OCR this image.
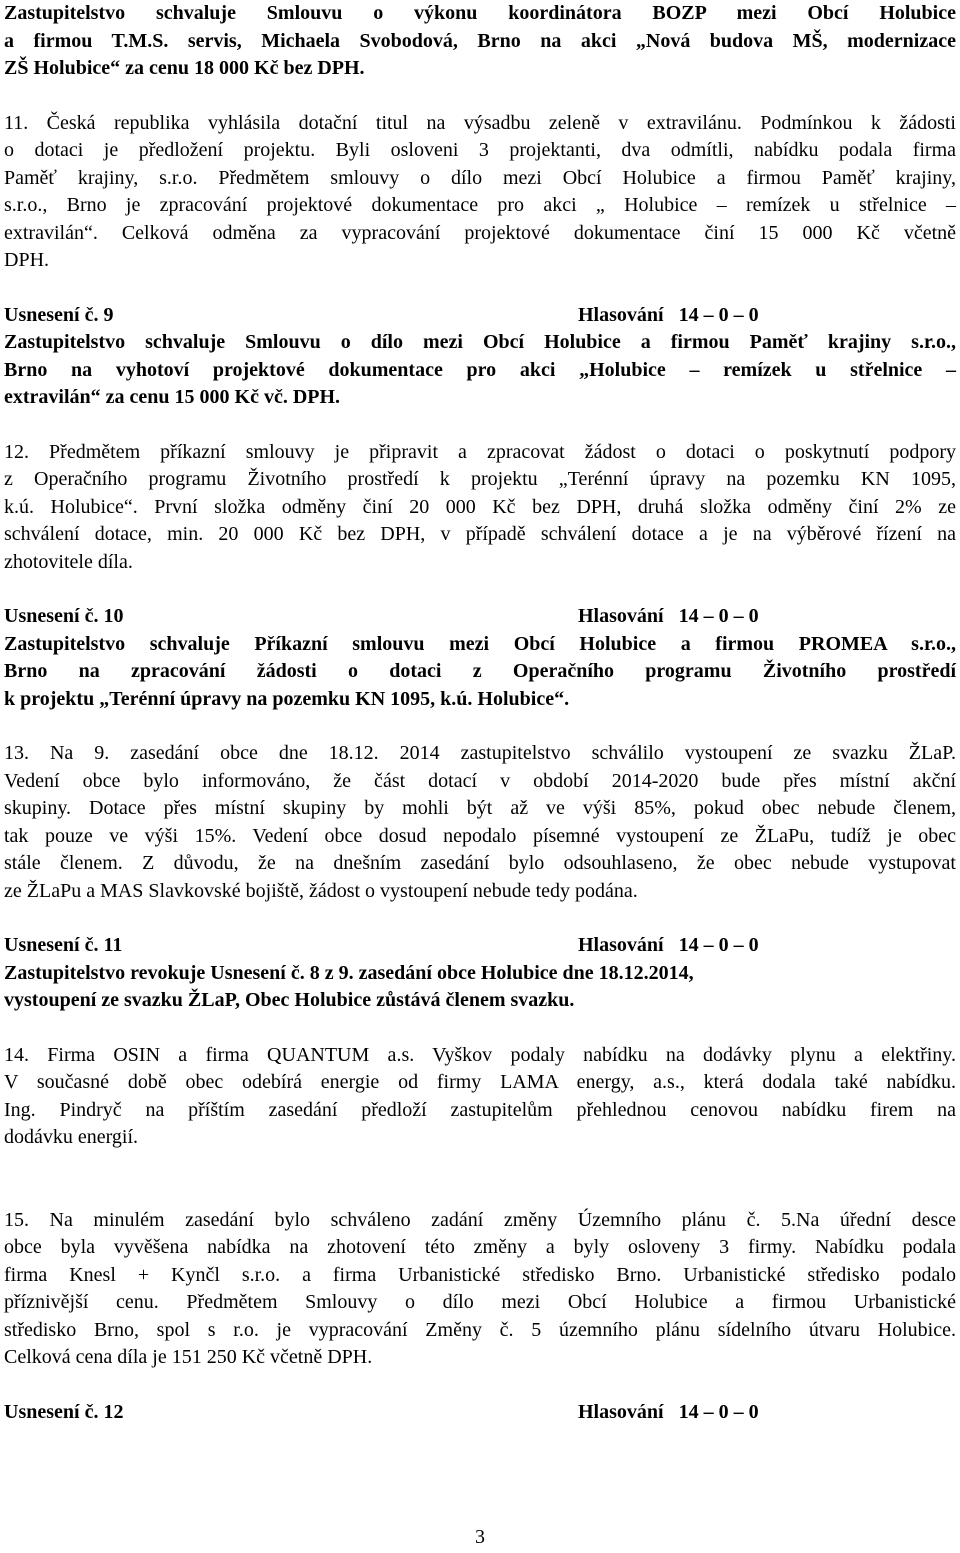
Zastupitelstvo schvaluje Smlouvu o výkonu koordinátora BOZP mezi Obcí Holubice

a firmou T.M.S. servis, Michaela Svobodová, Brno na akci „Nová budova MŠ, modernizace

ZŠ Holubice“ za cenu 18 000 Kč bez DPH.

11. Česká republika vyhlásila dotační titul na výsadbu zeleně v extravilánu. Podmínkou k žádosti

o dotaci je předložení projektu. Byli osloveni 3 projektanti, dva odmítli, nabídku podala firma

Paměť krajiny, s.r.o. Předmětem smlouvy o dílo mezi Obcí Holubice a firmou Paměť krajiny,

s.r.o., Brno je zpracování projektové dokumentace pro akci „ Holubice – remízek u střelnice –

extravilán“. Celková odměna za vypracování projektové dokumentace činí 15 000 Kč včetně

DPH.

Usnesení č. 9	Hlasování   14 – 0 – 0

Zastupitelstvo schvaluje Smlouvu o dílo mezi Obcí Holubice a firmou Paměť krajiny s.r.o.,

Brno na vyhotoví projektové dokumentace pro akci „Holubice – remízek u střelnice –

extravilán“ za cenu 15 000 Kč vč. DPH.

12. Předmětem příkazní smlouvy je připravit a zpracovat žádost o dotaci o poskytnutí podpory

z Operačního programu Životního prostředí k projektu „Terénní úpravy na pozemku KN 1095,

k.ú. Holubice“. První složka odměny činí 20 000 Kč bez DPH, druhá složka odměny činí 2% ze

schválení dotace, min. 20 000 Kč bez DPH, v případě schválení dotace a je na výběrové řízení na

zhotovitele díla.

Usnesení č. 10	Hlasování   14 – 0 – 0

Zastupitelstvo schvaluje Příkazní smlouvu mezi Obcí Holubice a firmou PROMEA s.r.o.,

Brno na zpracování žádosti o dotaci z Operačního programu Životního prostředí

k projektu „Terénní úpravy na pozemku KN 1095, k.ú. Holubice“.

13. Na 9. zasedání obce dne 18.12. 2014 zastupitelstvo schválilo vystoupení ze svazku ŽLaP.

Vedení obce bylo informováno, že část dotací v období 2014-2020 bude přes místní akční

skupiny. Dotace přes místní skupiny by mohli být až ve výši 85%, pokud obec nebude členem,

tak pouze ve výši 15%. Vedení obce dosud nepodalo písemné vystoupení ze ŽLaPu, tudíž je obec

stále členem. Z důvodu, že na dnešním zasedání bylo odsouhlaseno, že obec nebude vystupovat

ze ŽLaPu a MAS Slavkovské bojiště, žádost o vystoupení nebude tedy podána.

Usnesení č. 11	Hlasování   14 – 0 – 0

Zastupitelstvo revokuje Usnesení č. 8 z 9. zasedání obce Holubice dne 18.12.2014,

vystoupení ze svazku ŽLaP, Obec Holubice zůstává členem svazku.

14. Firma OSIN a firma QUANTUM a.s. Vyškov podaly nabídku na dodávky plynu a elektřiny.

V současné době obec odebírá energie od firmy LAMA energy, a.s., která dodala také nabídku.

Ing. Pindryč na příštím zasedání předloží zastupitelům přehlednou cenovou nabídku firem na

dodávku energií.

15. Na minulém zasedání bylo schváleno zadání změny Územního plánu č. 5.Na úřední desce

obce byla vyvěšena nabídka na zhotovení této změny a byly osloveny 3 firmy. Nabídku podala

firma Knesl + Kynčl s.r.o. a firma Urbanistické středisko Brno. Urbanistické středisko podalo

příznivější cenu. Předmětem Smlouvy o dílo mezi Obcí Holubice a firmou Urbanistické

středisko Brno, spol s r.o. je vypracování Změny č. 5 územního plánu sídelního útvaru Holubice.

Celková cena díla je 151 250 Kč včetně DPH.

Usnesení č. 12	Hlasování   14 – 0 – 0
3
